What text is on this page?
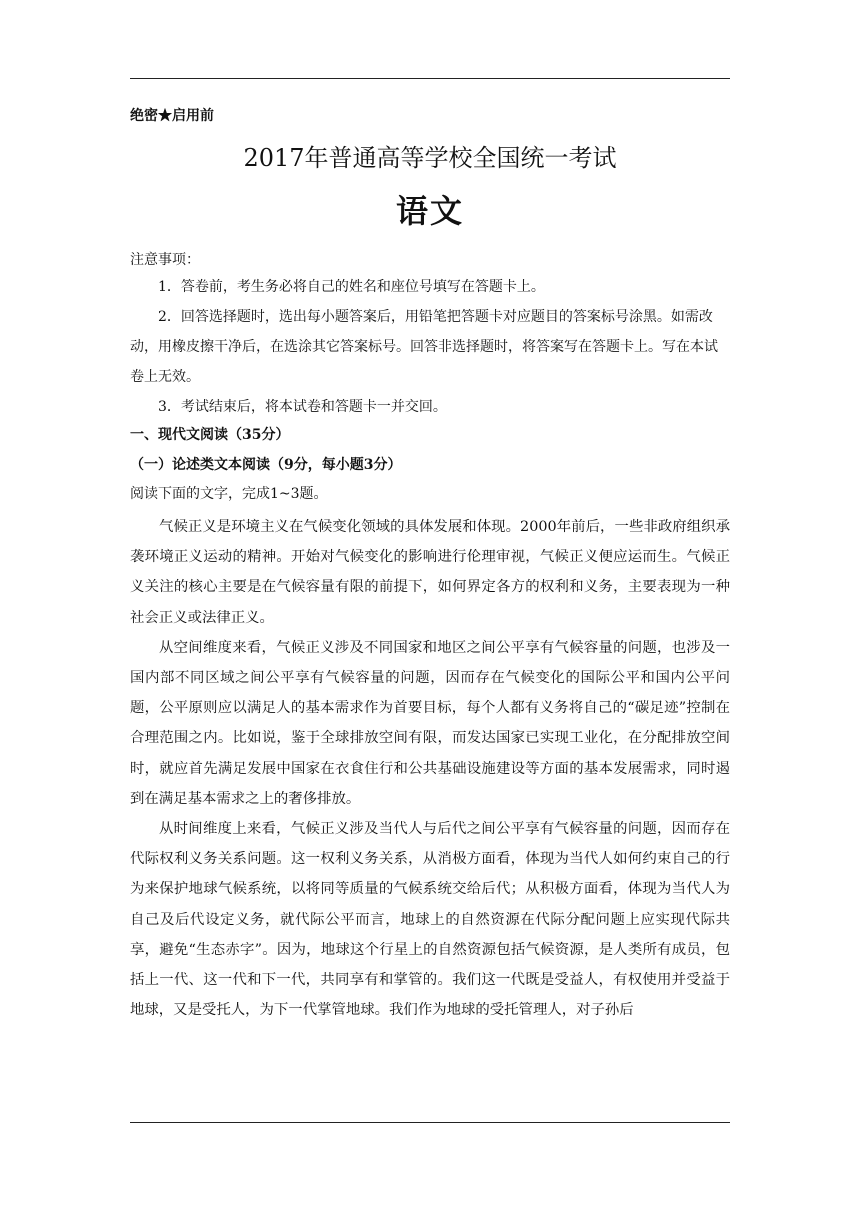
绝密★启用前
2017年普通高等学校全国统一考试
语文
注意事项：

1．答卷前，考生务必将自己的姓名和座位号填写在答题卡上。

2．回答选择题时，选出每小题答案后，用铅笔把答题卡对应题目的答案标号涂黑。如需改动，用橡皮擦干净后，在选涂其它答案标号。回答非选择题时，将答案写在答题卡上。写在本试卷上无效。

3．考试结束后，将本试卷和答题卡一并交回。

一、现代文阅读（35分）
（一）论述类文本阅读（9分，每小题3分）
阅读下面的文字，完成1~3题。

气候正义是环境主义在气候变化领域的具体发展和体现。2000年前后，一些非政府组织承袭环境正义运动的精神。开始对气候变化的影响进行伦理审视，气候正义便应运而生。气候正义关注的核心主要是在气候容量有限的前提下，如何界定各方的权利和义务，主要表现为一种社会正义或法律正义。

从空间维度来看，气候正义涉及不同国家和地区之间公平享有气候容量的问题，也涉及一国内部不同区域之间公平享有气候容量的问题，因而存在气候变化的国际公平和国内公平问题，公平原则应以满足人的基本需求作为首要目标，每个人都有义务将自己的“碳足迹”控制在合理范围之内。比如说，鉴于全球排放空间有限，而发达国家已实现工业化，在分配排放空间时，就应首先满足发展中国家在衣食住行和公共基础设施建设等方面的基本发展需求，同时遏到在满足基本需求之上的奢侈排放。

从时间维度上来看，气候正义涉及当代人与后代之间公平享有气候容量的问题，因而存在代际权利义务关系问题。这一权利义务关系，从消极方面看，体现为当代人如何约束自己的行为来保护地球气候系统，以将同等质量的气候系统交给后代；从积极方面看，体现为当代人为自己及后代设定义务，就代际公平而言，地球上的自然资源在代际分配问题上应实现代际共享，避免“生态赤字”。因为，地球这个行星上的自然资源包括气候资源，是人类所有成员，包括上一代、这一代和下一代，共同享有和掌管的。我们这一代既是受益人，有权使用并受益于地球，又是受托人，为下一代掌管地球。我们作为地球的受托管理人，对子孙后
